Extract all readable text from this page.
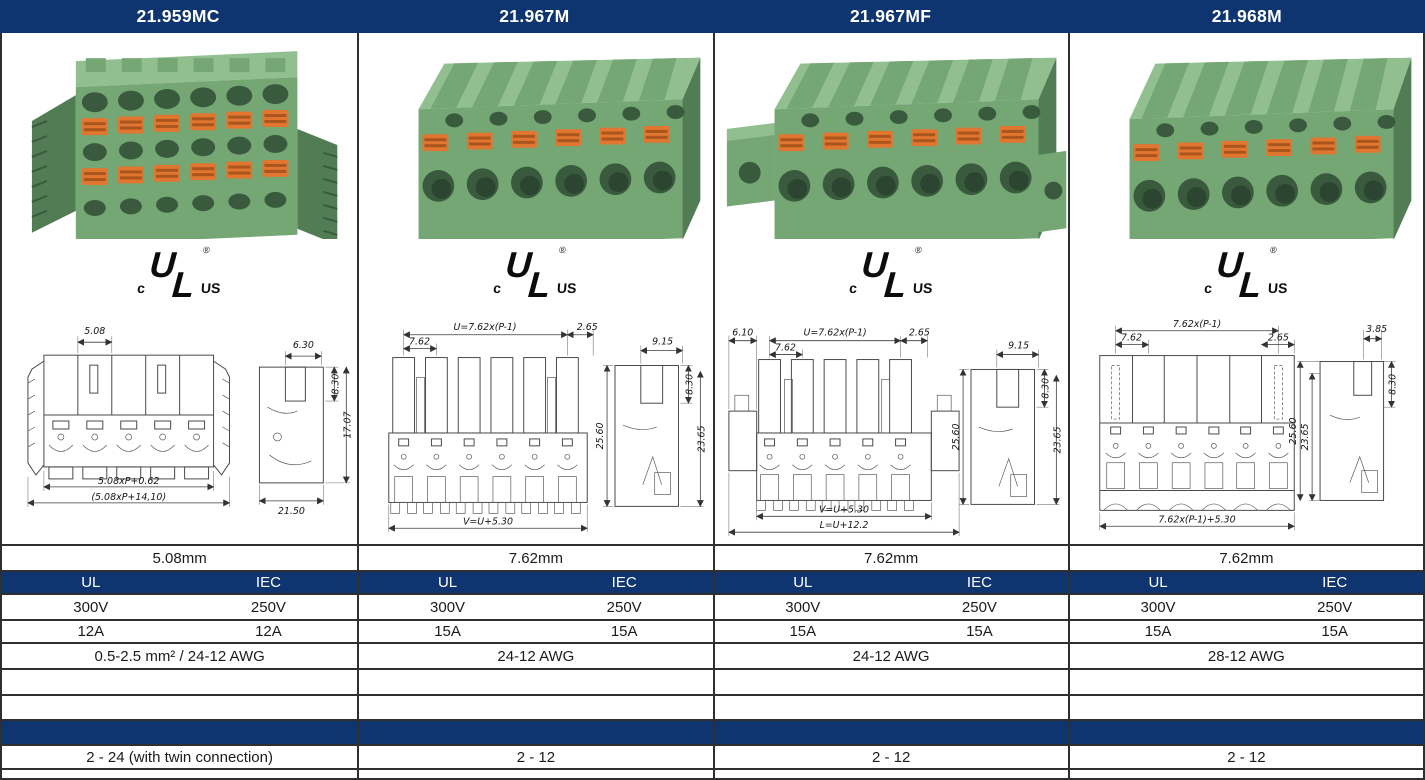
21.959MC	21.967M	21.967MF	21.968M
c
U
L
®
US
5.08
5.08xP+0.62
(5.08xP+14,10)
6.30
8.30
17.07
21.50
c
U
L
®
US
U=7.62x(P-1)
7.62
2.65
V=U+5.30
9.15
8.30
23.65
25.60
c
U
L
®
US
6.10	U=7.62x(P-1)	2.65
7.62
V=U+5.30
L=U+12.2
9.15
8.30
23.65
25.60
c
U
L
®
US
7.62x(P-1)
7.62	2.65
7.62x(P-1)+5.30
3.85
8.30
23.65
25.60
5.08mm	7.62mm	7.62mm	7.62mm
UL	IEC	UL	IEC	UL	IEC	UL	IEC
300V	250V	300V	250V	300V	250V	300V	250V
12A	12A	15A	15A	15A	15A	15A	15A
0.5-2.5 mm² / 24-12 AWG	24-12 AWG	24-12 AWG	28-12 AWG
2 - 24 (with twin connection)	2 - 12	2 - 12	2 - 12
